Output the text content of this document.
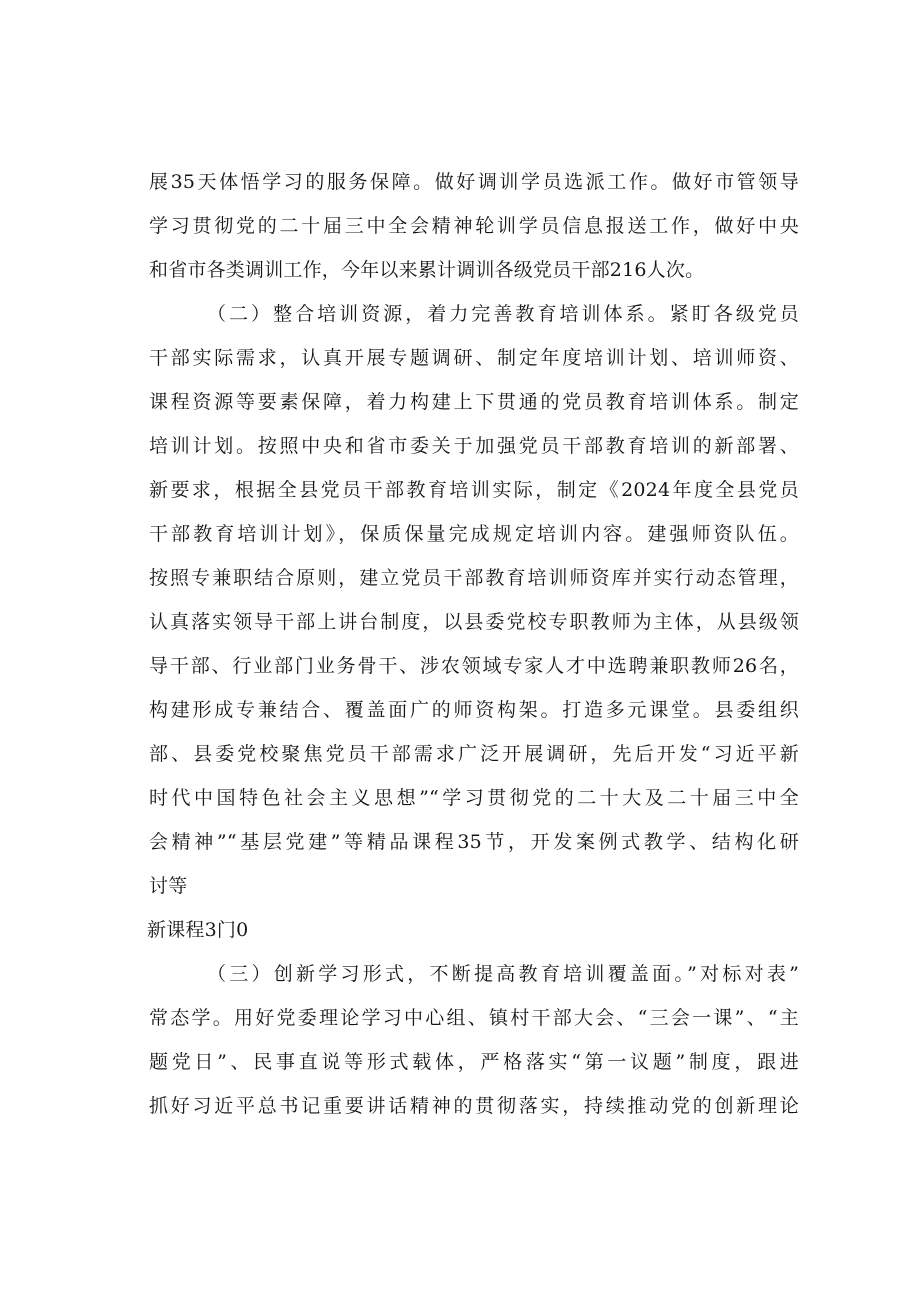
展35天体悟学习的服务保障。做好调训学员选派工作。做好市管领导
学习贯彻党的二十届三中全会精神轮训学员信息报送工作，做好中央
和省市各类调训工作，今年以来累计调训各级党员干部216人次。
（二）整合培训资源，着力完善教育培训体系。紧盯各级党员
干部实际需求，认真开展专题调研、制定年度培训计划、培训师资、
课程资源等要素保障，着力构建上下贯通的党员教育培训体系。制定
培训计划。按照中央和省市委关于加强党员干部教育培训的新部署、
新要求，根据全县党员干部教育培训实际，制定《2024年度全县党员
干部教育培训计划》，保质保量完成规定培训内容。建强师资队伍。
按照专兼职结合原则，建立党员干部教育培训师资库并实行动态管理，
认真落实领导干部上讲台制度，以县委党校专职教师为主体，从县级领
导干部、行业部门业务骨干、涉农领域专家人才中选聘兼职教师26名，
构建形成专兼结合、覆盖面广的师资构架。打造多元课堂。县委组织
部、县委党校聚焦党员干部需求广泛开展调研，先后开发“习近平新
时代中国特色社会主义思想”“学习贯彻党的二十大及二十届三中全
会精神”“基层党建”等精品课程35节，开发案例式教学、结构化研
讨等
新课程3门0
（三）创新学习形式，不断提高教育培训覆盖面。”对标对表”
常态学。用好党委理论学习中心组、镇村干部大会、“三会一课”、“主
题党日”、民事直说等形式载体，严格落实“第一议题”制度，跟进
抓好习近平总书记重要讲话精神的贯彻落实，持续推动党的创新理论
